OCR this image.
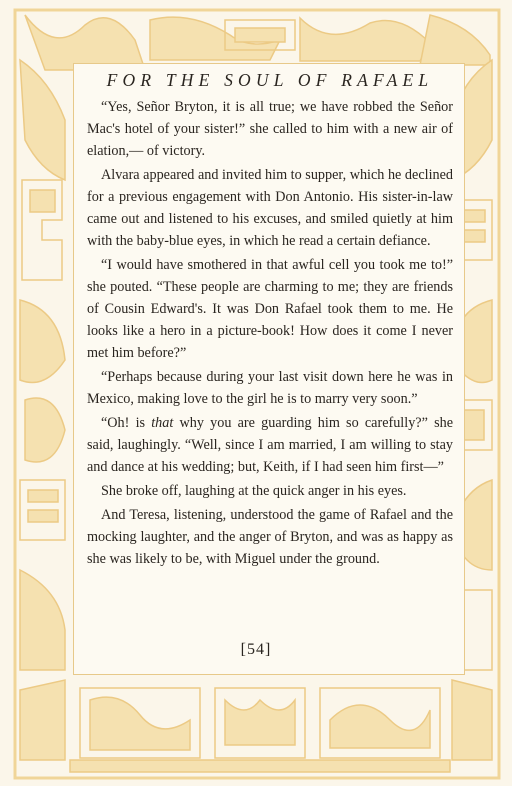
FOR THE SOUL OF RAFAEL

“Yes, Señor Bryton, it is all true; we have robbed the Señor Mac's hotel of your sister!” she called to him with a new air of elation,— of victory.

Alvara appeared and invited him to supper, which he declined for a previous engagement with Don Antonio. His sister-in-law came out and listened to his excuses, and smiled quietly at him with the baby-blue eyes, in which he read a certain defiance.

“I would have smothered in that awful cell you took me to!” she pouted. “These people are charming to me; they are friends of Cousin Edward's. It was Don Rafael took them to me. He looks like a hero in a picture-book! How does it come I never met him before?”

“Perhaps because during your last visit down here he was in Mexico, making love to the girl he is to marry very soon.”

“Oh! is that why you are guarding him so carefully?” she said, laughingly. “Well, since I am married, I am willing to stay and dance at his wedding; but, Keith, if I had seen him first—”

She broke off, laughing at the quick anger in his eyes.

And Teresa, listening, understood the game of Rafael and the mocking laughter, and the anger of Bryton, and was as happy as she was likely to be, with Miguel under the ground.

[54]
